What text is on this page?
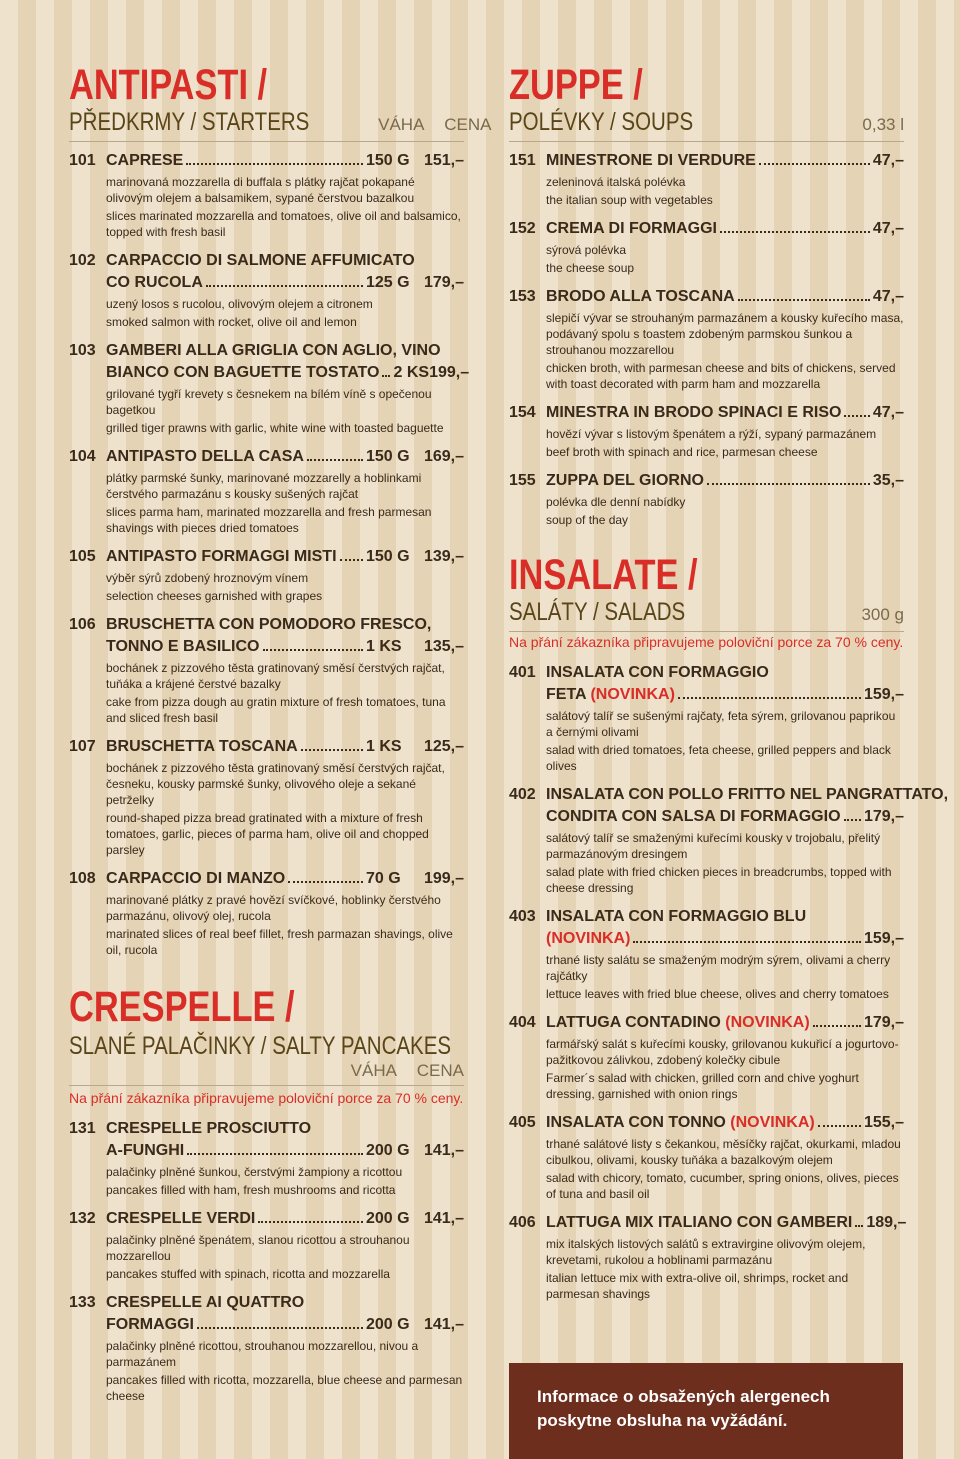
ANTIPASTI /
PŘEDKRMY / STARTERS	VÁHA CENA
101 CAPRESE	150 G 151,–
marinovaná mozzarella di buffala s plátky rajčat pokapané olivovým olejem a balsamikem, sypané čerstvou bazalkou
slices marinated mozzarella and tomatoes, olive oil and balsamico, topped with fresh basil
102 CARPACCIO DI SALMONE AFFUMICATO
CO RUCOLA	125 G 179,–
uzený losos s rucolou, olivovým olejem a citronem
smoked salmon with rocket, olive oil and lemon
103 GAMBERI ALLA GRIGLIA CON AGLIO, VINO
BIANCO CON BAGUETTE TOSTATO 2 KS 199,–
grilované tygří krevety s česnekem na bílém víně s opečenou bagetkou
grilled tiger prawns with garlic, white wine with toasted baguette
104 ANTIPASTO DELLA CASA	150 G 169,–
plátky parmské šunky, marinované mozzarelly a hoblinkami čerstvého parmazánu s kousky sušených rajčat
slices parma ham, marinated mozzarella and fresh parmesan shavings with pieces dried tomatoes
105 ANTIPASTO FORMAGGI MISTI 150 G 139,–
výběr sýrů zdobený hroznovým vínem
selection cheeses garnished with grapes
106 BRUSCHETTA CON POMODORO FRESCO,
TONNO E BASILICO	1 KS	135,–
bochánek z pizzového těsta gratinovaný směsí čerstvých rajčat, tuňáka a krájené čerstvé bazalky
cake from pizza dough au gratin mixture of fresh tomatoes, tuna and sliced fresh basil
107 BRUSCHETTA TOSCANA	1 KS	125,–
bochánek z pizzového těsta gratinovaný směsí čerstvých rajčat, česneku, kousky parmské šunky, olivového oleje a sekané petrželky
round-shaped pizza bread gratinated with a mixture of fresh tomatoes, garlic, pieces of parma ham, olive oil and chopped parsley
108 CARPACCIO DI MANZO	70 G	199,–
marinované plátky z pravé hovězí svíčkové, hoblinky čerstvého parmazánu, olivový olej, rucola
marinated slices of real beef fillet, fresh parmazan shavings, olive oil, rucola
CRESPELLE /
SLANÉ PALAČINKY / SALTY PANCAKES
VÁHA CENA
Na přání zákazníka připravujeme poloviční porce za 70 % ceny.
131 CRESPELLE PROSCIUTTO
A-FUNGHI	200 G 141,–
palačinky plněné šunkou, čerstvými žampiony a ricottou
pancakes filled with ham, fresh mushrooms and ricotta
132 CRESPELLE VERDI	200 G 141,–
palačinky plněné špenátem, slanou ricottou a strouhanou mozzarellou
pancakes stuffed with spinach, ricotta and mozzarella
133 CRESPELLE AI QUATTRO
FORMAGGI	200 G 141,–
palačinky plněné ricottou, strouhanou mozzarellou, nivou a parmazánem
pancakes filled with ricotta, mozzarella, blue cheese and parmesan cheese
ZUPPE /
POLÉVKY / SOUPS	0,33 l
151 MINESTRONE DI VERDURE	47,–
zeleninová italská polévka
the italian soup with vegetables
152 CREMA DI FORMAGGI	47,–
sýrová polévka
the cheese soup
153 BRODO ALLA TOSCANA	47,–
slepičí vývar se strouhaným parmazánem a kousky kuřecího masa, podávaný spolu s toastem zdobeným parmskou šunkou a strouhanou mozzarellou
chicken broth, with parmesan cheese and bits of chickens, served with toast decorated with parm ham and mozzarella
154 MINESTRA IN BRODO SPINACI E RISO 47,–
hovězí vývar s listovým špenátem a rýží, sypaný parmazánem
beef broth with spinach and rice, parmesan cheese
155 ZUPPA DEL GIORNO	35,–
polévka dle denní nabídky
soup of the day
INSALATE /
SALÁTY / SALADS	300 g
Na přání zákazníka připravujeme poloviční porce za 70 % ceny.
401 INSALATA CON FORMAGGIO
FETA (NOVINKA)	159,–
salátový talíř se sušenými rajčaty, feta sýrem, grilovanou paprikou a černými olivami
salad with dried tomatoes, feta cheese, grilled peppers and black olives
402 INSALATA CON POLLO FRITTO NEL PANGRATTATO,
CONDITA CON SALSA DI FORMAGGIO 179,–
salátový talíř se smaženými kuřecími kousky v trojobalu, přelitý parmazánovým dresingem
salad plate with fried chicken pieces in breadcrumbs, topped with cheese dressing
403 INSALATA CON FORMAGGIO BLU
(NOVINKA)	159,–
trhané listy salátu se smaženým modrým sýrem, olivami a cherry rajčátky
lettuce leaves with fried blue cheese, olives and cherry tomatoes
404 LATTUGA CONTADINO (NOVINKA)	179,–
farmářský salát s kuřecími kousky, grilovanou kukuřicí a jogurtovo-pažitkovou zálivkou, zdobený kolečky cibule
Farmer´s salad with chicken, grilled corn and chive yoghurt dressing, garnished with onion rings
405 INSALATA CON TONNO (NOVINKA)	155,–
trhané salátové listy s čekankou, měsíčky rajčat, okurkami, mladou cibulkou, olivami, kousky tuňáka a bazalkovým olejem
salad with chicory, tomato, cucumber, spring onions, olives, pieces of tuna and basil oil
406 LATTUGA MIX ITALIANO CON GAMBERI 189,–
mix italských listových salátů s extravirgine olivovým olejem, krevetami, rukolou a hoblinami parmazánu
italian lettuce mix with extra-olive oil, shrimps, rocket and parmesan shavings
Informace o obsažených alergenech poskytne obsluha na vyžádání.
